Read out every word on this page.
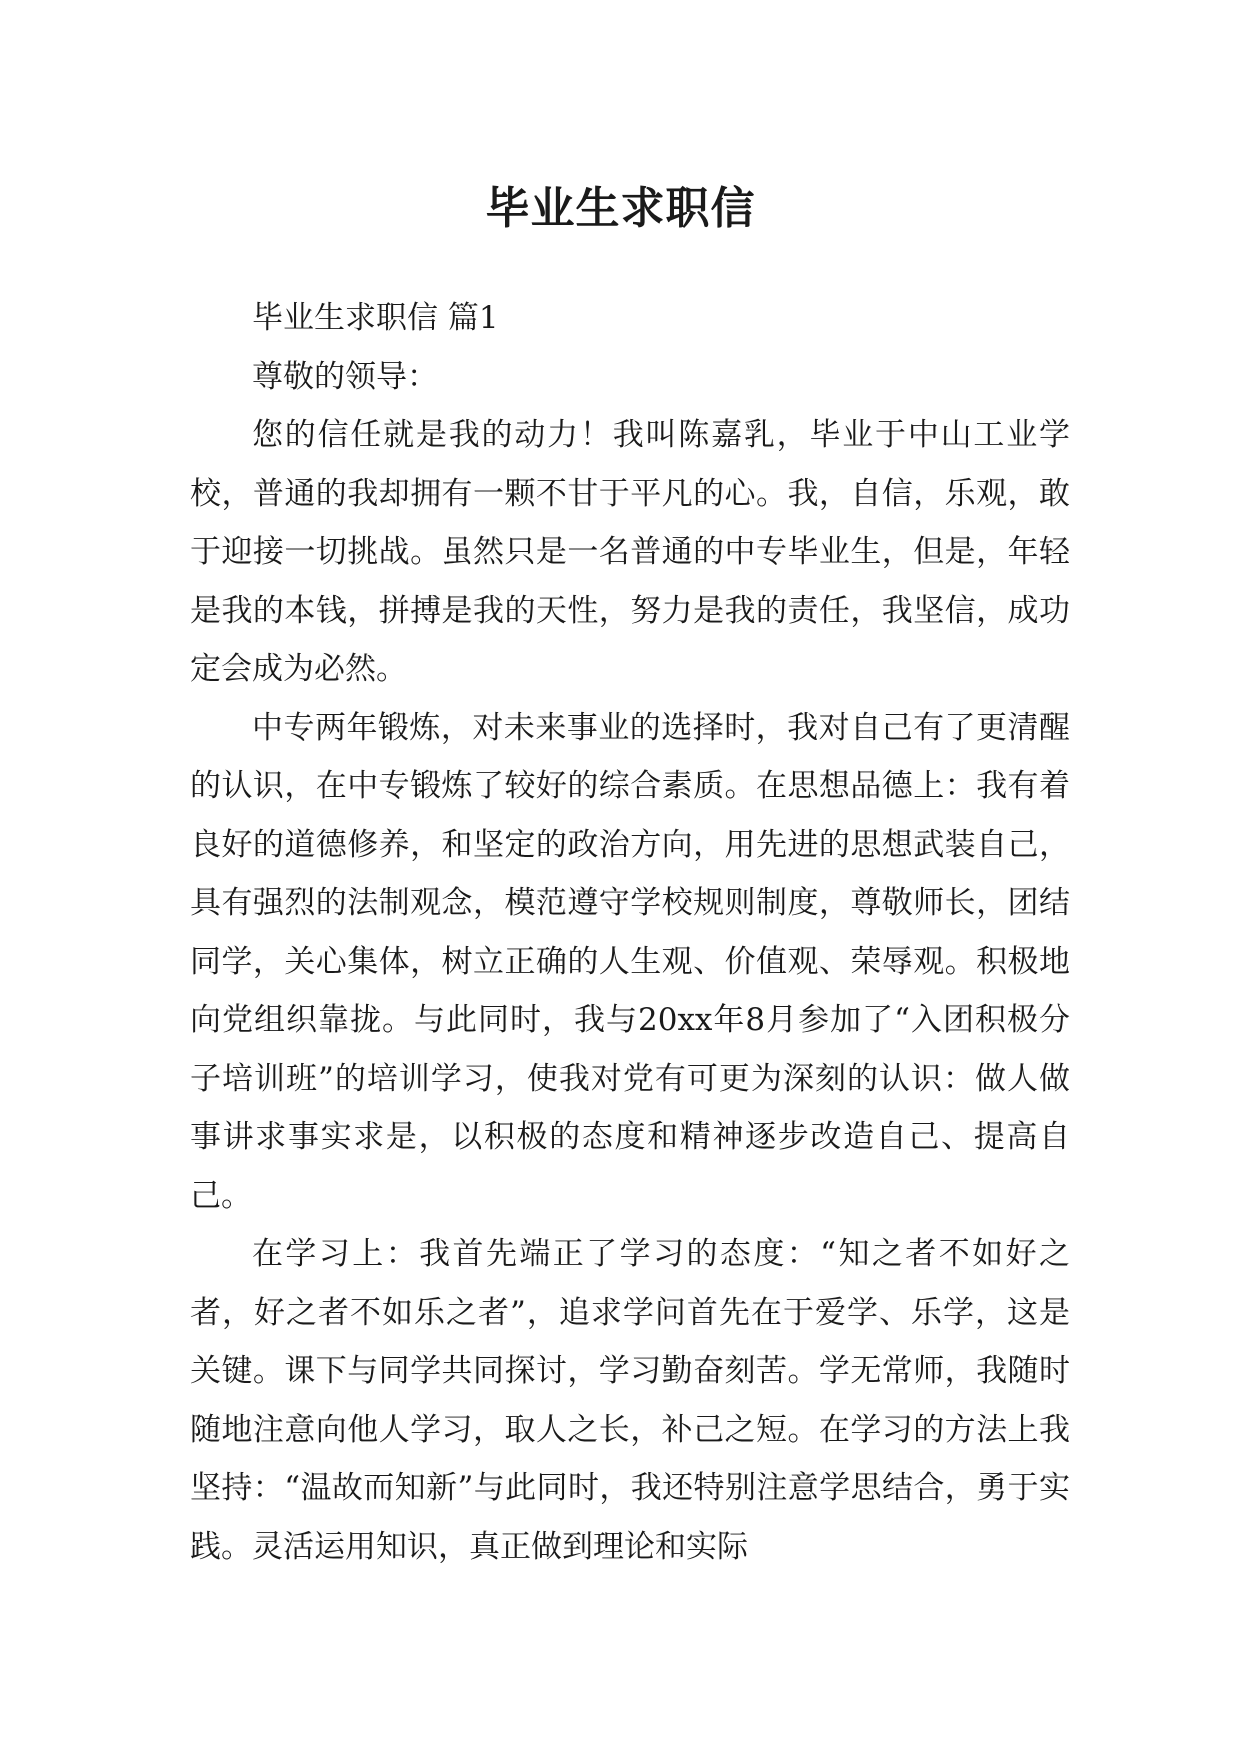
毕业生求职信

毕业生求职信 篇1

尊敬的领导：

您的信任就是我的动力！我叫陈嘉乳，毕业于中山工业学校，普通的我却拥有一颗不甘于平凡的心。我，自信，乐观，敢于迎接一切挑战。虽然只是一名普通的中专毕业生，但是，年轻是我的本钱，拼搏是我的天性，努力是我的责任，我坚信，成功定会成为必然。

中专两年锻炼，对未来事业的选择时，我对自己有了更清醒的认识，在中专锻炼了较好的综合素质。在思想品德上：我有着良好的道德修养，和坚定的政治方向，用先进的思想武装自己，具有强烈的法制观念，模范遵守学校规则制度，尊敬师长，团结同学，关心集体，树立正确的人生观、价值观、荣辱观。积极地向党组织靠拢。与此同时，我与20xx年8月参加了“入团积极分子培训班”的培训学习，使我对党有可更为深刻的认识：做人做事讲求事实求是，以积极的态度和精神逐步改造自己、提高自己。

在学习上：我首先端正了学习的态度：“知之者不如好之者，好之者不如乐之者”，追求学问首先在于爱学、乐学，这是关键。课下与同学共同探讨，学习勤奋刻苦。学无常师，我随时随地注意向他人学习，取人之长，补己之短。在学习的方法上我坚持：“温故而知新”与此同时，我还特别注意学思结合，勇于实践。灵活运用知识，真正做到理论和实际
